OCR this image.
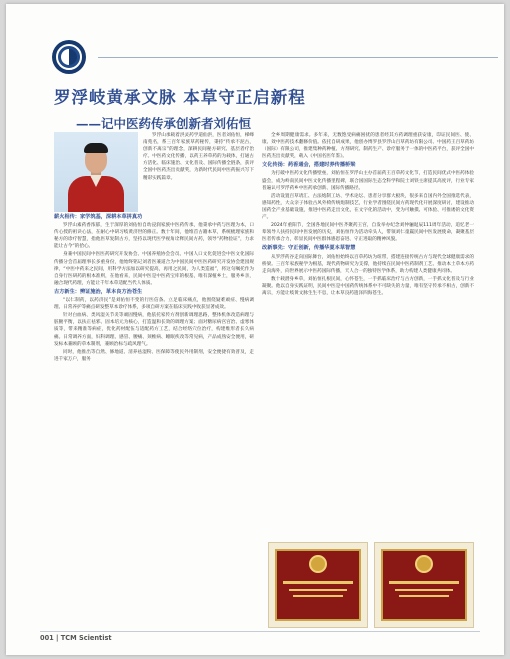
罗浮岐黄承文脉 本草守正启新程
——记中医药传承创新者刘佑恒
罗浮山承载着洪灵药学道仙洪，医者刘佑恒，梯峰南苑名，系三百年家族草药秘传，秉持“传承不泥古，创新不离宗”的理念，深耕民间秘方研究、基层者疗治疗。中医药文化传播，以药王养草药的为载体，打通古方活化、临床施治、文化普及、国际传播全链条，获评全国中医药杰出贡献奖，为新时代民间中医药振兴写下精彩实践篇章。
薪火相传：家学筑基，深耕本草拼真功

罗浮山素药香浓郁，生于深厚的刘佑恒自幼浸润家族中医药传承，他秉承中药与医理为本，口传心授的祖诀心法，在耐心中研习岐黄济世的修正。数十年间，他堆首古籍本草，系统梳理家族和秘方的诊疗智慧，指他医草复制古方，坚持以现代医学视角诠释民间方药，领导“药物验证”，力求能让古今“的拾心。

身兼中国民间中医医药研究开发协会、中国养殖协会会员、中国人口文化促进会中医文化国际传播分会首届理事长多重身份，他始终铭记刘者医兼道合为中国民间中医医药研究开发协会建园规律，“中医中药来之民间，用科学方法加以研究提高，再用之民间，为人类造福”，将这句嘱托作为自身行医研药的根本准则，在他看来，民间中医是中医药宝库的根基，唯有深植乡土，服务乡亲，融合现代药理，方能让千年本草适配当代人体质。

古方新生：辨证施治，革本良方治苍生

“以仁制药，以药济民”是刘佑恒不变的行医信条。立足临床痛点，他围绕疑难顽症、慢病调理、日常养护等痛点研发整草本诊疗体系，多项自研方案在临床实践中收获显著成效。

针对白血病、类风湿关节炎等顽固慢病，他依托家传方剂创新调理思路，整体机体改造病理与脏腑平衡，以扶正祛邪、固本培元为核心，打造温和长效的调理方案；面对糖尿病宫宫治、虚寒体质等，带来精准等病症，优化药材配伍与适配药方工艺，结合经络穴位治疗，构建维形者长久病痛。日常调养方面，妇科调理、感冒、腰痛、颈椎病、睡眠疾改等常见病，产品成熟安全便用，研发标本兼顾的草本制剂，兼顾治标与疏风理气。

同时，他推出等自然、修地道、清养祛湿粉、医保障等使民外用制剂，安全便捷有效普及，走进千家万户，服务

全乡周期健康需求。多年来，无数饱受病痛困扰的患者经其方药调理重获安康，印证民间医、使、康、效中医药技术翻修价值。依托自研成果，他创办博罗县罗浮山百草药坊有限公司、中国药王百草药坊（国际）有限公司，推建集种药种植、方剂研究、制药生产、诊疗服务于一体的中医药平台，获评全国中医药杰出贡献奖，载入《中国名医年鉴》。

文化传扬：药香通会，搭建时养传播桥梁

为打破中医药文化传播壁垒，刘佑恒在罗浮山主办首届药王百草药文化节，打造民间优式中医药体验盛会，成为岭南民间中医文化传播里程碑，联合国国际生态全科学和院士刘铁主席提其高度评，行业专家普遍认可罗浮药乡中医药承创新、国际传播路径。

活动设置百草请汇、古法炮制工坊、学术论坛、患者分享群大板块，很多来自国内外全国推选代表，感知药性，大众亲子体验古风外椅传统炮制技艺，行业学者围绕民间方药现代化开展深度研讨，建设推动国药全产业基础设施，推进中医药走出文化，在文字化的活动中，变为可触摸、可体验、可推诿的文化资产。

2024年重阳节，全国各地民间中医齐聚药王宫，自发举办纪念刘仲骊诞辰111周年活动，追忆老一辈领导人扶持民间中医发展的历史，刘佑恒作为活动牵头人，带领刘仁童赢民间中医发展使命，凝聚基层医者传承合力，彰显民间中医群体感恩奋进、守正进取的精神风貌。

改新事先：守正创新，传播华夏本草智慧

从罗浮药谷走向国际舞台，刘佑恒始终以百草药坊为纽带，搭建连接传统古方与现代全球健康需求的桥梁。三百年家族秘学为根基，现代药物研究为支撑，他持续在民间中医药制剂工艺、推动本土草本方药走向海外，向世界展示中医药国际传播，天人合一的独特医学体系，助力构建人类健康共同体。

数十载潜身乡草，刘佑恒扎根民间，心怀苍生，一手抓临床治疗与古方创新，一手抓文化普及与行业凝聚。他以自身实践证明，民间中医是中国药传统体系中不可缺失的力量，唯有坚守传承不相古，创新不离宗，方能让岐黄文脉生生不息，让本草良药遗泽四海苍生。

001 | TCM Scientist
